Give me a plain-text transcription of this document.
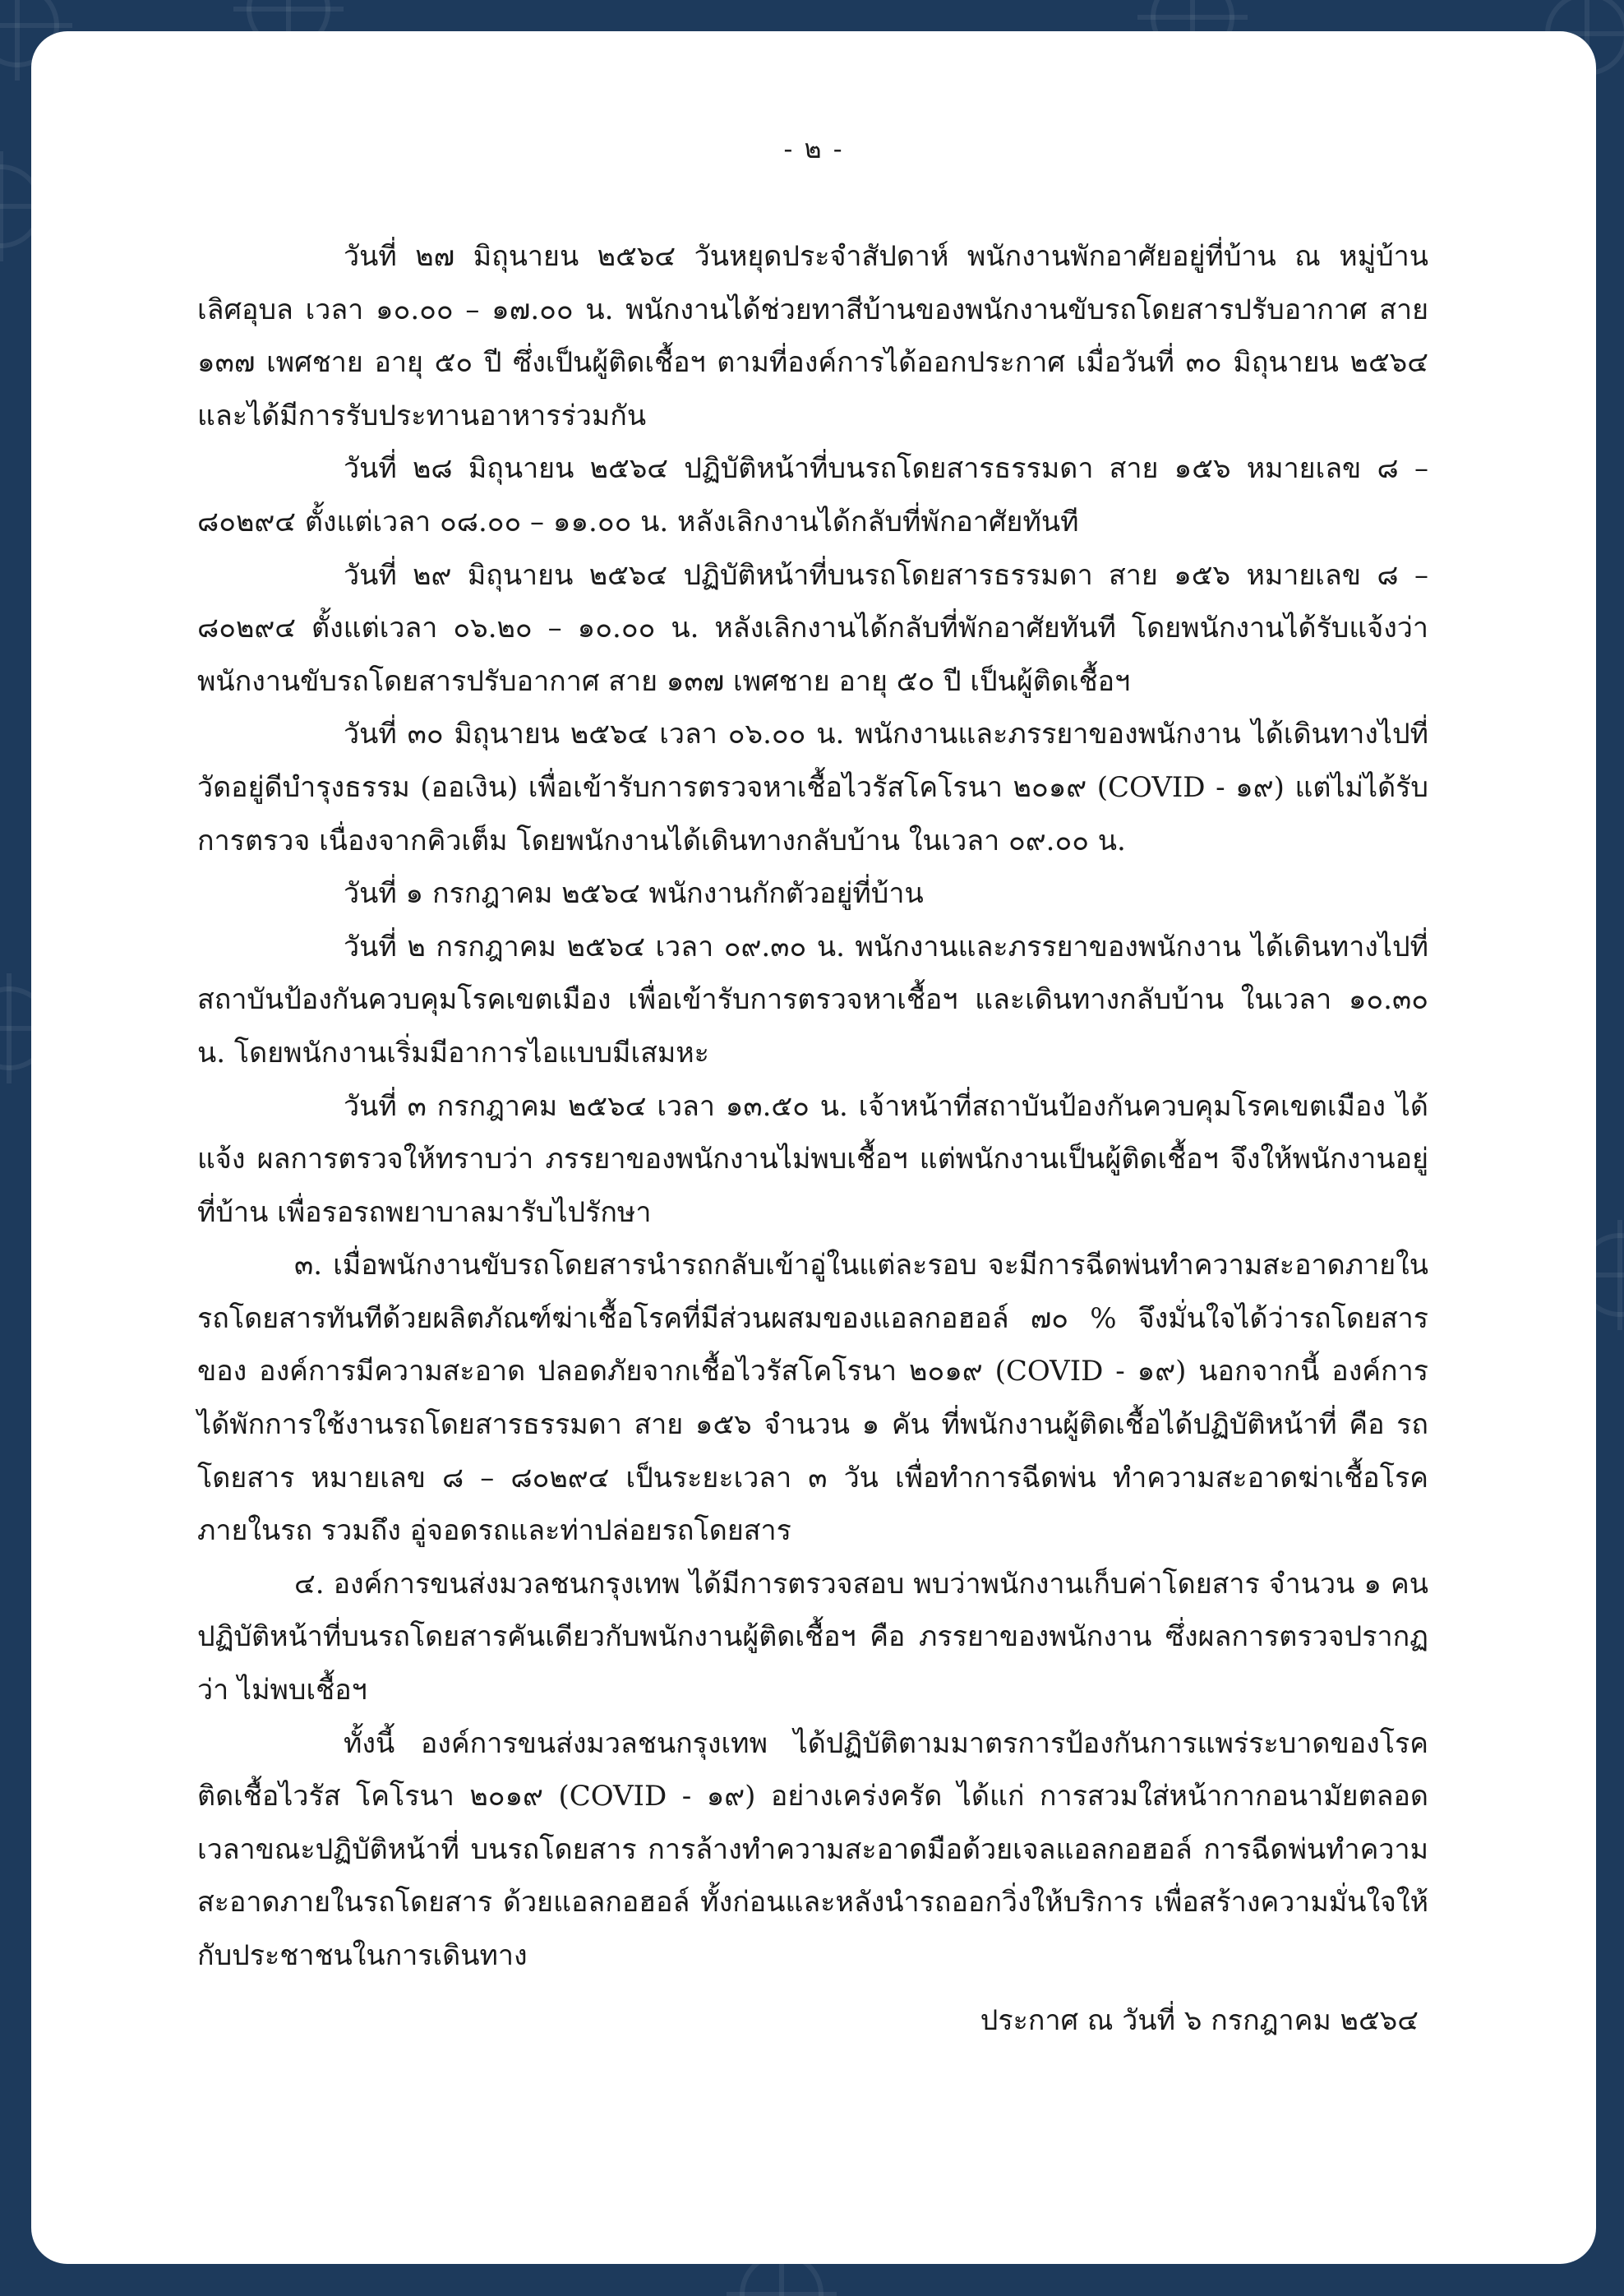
- ๒ -

วันที่ ๒๗ มิถุนายน ๒๕๖๔ วันหยุดประจำสัปดาห์ พนักงานพักอาศัยอยู่ที่บ้าน ณ หมู่บ้านเลิศอุบล เวลา ๑๐.๐๐ – ๑๗.๐๐ น. พนักงานได้ช่วยทาสีบ้านของพนักงานขับรถโดยสารปรับอากาศ สาย ๑๓๗ เพศชาย อายุ ๕๐ ปี ซึ่งเป็นผู้ติดเชื้อฯ ตามที่องค์การได้ออกประกาศ เมื่อวันที่ ๓๐ มิถุนายน ๒๕๖๔ และได้มีการรับประทานอาหารร่วมกัน

วันที่ ๒๘ มิถุนายน ๒๕๖๔ ปฏิบัติหน้าที่บนรถโดยสารธรรมดา สาย ๑๕๖ หมายเลข ๘ – ๘๐๒๙๔ ตั้งแต่เวลา ๐๘.๐๐ – ๑๑.๐๐ น. หลังเลิกงานได้กลับที่พักอาศัยทันที

วันที่ ๒๙ มิถุนายน ๒๕๖๔ ปฏิบัติหน้าที่บนรถโดยสารธรรมดา สาย ๑๕๖ หมายเลข ๘ – ๘๐๒๙๔ ตั้งแต่เวลา ๐๖.๒๐ – ๑๐.๐๐ น. หลังเลิกงานได้กลับที่พักอาศัยทันที โดยพนักงานได้รับแจ้งว่า พนักงานขับรถโดยสารปรับอากาศ สาย ๑๓๗ เพศชาย อายุ ๕๐ ปี เป็นผู้ติดเชื้อฯ

วันที่ ๓๐ มิถุนายน ๒๕๖๔ เวลา ๐๖.๐๐ น. พนักงานและภรรยาของพนักงาน ได้เดินทางไปที่ วัดอยู่ดีบำรุงธรรม (ออเงิน) เพื่อเข้ารับการตรวจหาเชื้อไวรัสโคโรนา ๒๐๑๙ (COVID - ๑๙) แต่ไม่ได้รับ การตรวจ เนื่องจากคิวเต็ม โดยพนักงานได้เดินทางกลับบ้าน ในเวลา ๐๙.๐๐ น.

วันที่ ๑ กรกฎาคม ๒๕๖๔ พนักงานกักตัวอยู่ที่บ้าน

วันที่ ๒ กรกฎาคม ๒๕๖๔ เวลา ๐๙.๓๐ น. พนักงานและภรรยาของพนักงาน ได้เดินทางไปที่ สถาบันป้องกันควบคุมโรคเขตเมือง เพื่อเข้ารับการตรวจหาเชื้อฯ และเดินทางกลับบ้าน ในเวลา ๑๐.๓๐ น. โดยพนักงานเริ่มมีอาการไอแบบมีเสมหะ

วันที่ ๓ กรกฎาคม ๒๕๖๔ เวลา ๑๓.๕๐ น. เจ้าหน้าที่สถาบันป้องกันควบคุมโรคเขตเมือง ได้แจ้ง ผลการตรวจให้ทราบว่า ภรรยาของพนักงานไม่พบเชื้อฯ แต่พนักงานเป็นผู้ติดเชื้อฯ จึงให้พนักงานอยู่ที่บ้าน เพื่อรอรถพยาบาลมารับไปรักษา

๓. เมื่อพนักงานขับรถโดยสารนำรถกลับเข้าอู่ในแต่ละรอบ จะมีการฉีดพ่นทำความสะอาดภายใน รถโดยสารทันทีด้วยผลิตภัณฑ์ฆ่าเชื้อโรคที่มีส่วนผสมของแอลกอฮอล์ ๗๐ % จึงมั่นใจได้ว่ารถโดยสารของ องค์การมีความสะอาด ปลอดภัยจากเชื้อไวรัสโคโรนา ๒๐๑๙ (COVID - ๑๙) นอกจากนี้ องค์การ ได้พักการใช้งานรถโดยสารธรรมดา สาย ๑๕๖ จำนวน ๑ คัน ที่พนักงานผู้ติดเชื้อได้ปฏิบัติหน้าที่ คือ รถโดยสาร หมายเลข ๘ – ๘๐๒๙๔ เป็นระยะเวลา ๓ วัน เพื่อทำการฉีดพ่น ทำความสะอาดฆ่าเชื้อโรค ภายในรถ รวมถึง อู่จอดรถและท่าปล่อยรถโดยสาร

๔. องค์การขนส่งมวลชนกรุงเทพ ได้มีการตรวจสอบ พบว่าพนักงานเก็บค่าโดยสาร จำนวน ๑ คน ปฏิบัติหน้าที่บนรถโดยสารคันเดียวกับพนักงานผู้ติดเชื้อฯ คือ ภรรยาของพนักงาน ซึ่งผลการตรวจปรากฏว่า ไม่พบเชื้อฯ

ทั้งนี้ องค์การขนส่งมวลชนกรุงเทพ ได้ปฏิบัติตามมาตรการป้องกันการแพร่ระบาดของโรคติดเชื้อไวรัส โคโรนา ๒๐๑๙ (COVID - ๑๙) อย่างเคร่งครัด ได้แก่ การสวมใส่หน้ากากอนามัยตลอดเวลาขณะปฏิบัติหน้าที่ บนรถโดยสาร การล้างทำความสะอาดมือด้วยเจลแอลกอฮอล์ การฉีดพ่นทำความสะอาดภายในรถโดยสาร ด้วยแอลกอฮอล์ ทั้งก่อนและหลังนำรถออกวิ่งให้บริการ เพื่อสร้างความมั่นใจให้กับประชาชนในการเดินทาง

ประกาศ ณ วันที่ ๖ กรกฎาคม ๒๕๖๔
